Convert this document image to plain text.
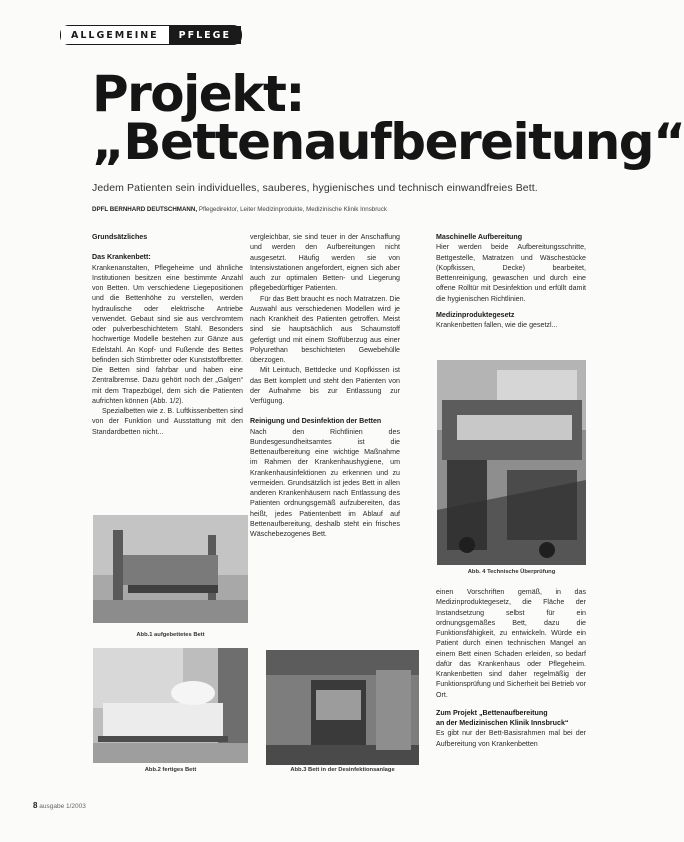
ALLGEMEINE	PFLEGE
Projekt:
„Bettenaufbereitung“
Jedem Patienten sein individuelles, sauberes, hygienisches und technisch einwandfreies Bett.
DPFL BERNHARD DEUTSCHMANN, Pflegedirektor, Leiter Medizinprodukte, Medizinische Klinik Innsbruck

Grundsätzliches

Das Krankenbett:

Krankenanstalten, Pflegeheime und ähnliche Institutionen besitzen eine bestimmte Anzahl von Betten. Um verschiedene Liegepositionen und die Bettenhöhe zu verstellen, werden hydraulische oder elektrische Antriebe verwendet. Gebaut sind sie aus verchromtem oder pulverbeschichtetem Stahl. Besonders hochwertige Modelle bestehen zur Gänze aus Edelstahl. An Kopf- und Fußende des Bettes befinden sich Stirnbretter oder Kunststoffbretter. Die Betten sind fahrbar und haben eine Zentralbremse. Dazu gehört noch der „Galgen“ mit dem Trapezbügel, dem sich die Patienten aufrichten können (Abb. 1/2).

Spezialbetten wie z. B. Luftkissenbetten sind von der Funktion und Ausstattung mit den Standardbetten nicht...

vergleichbar, sie sind teuer in der Anschaffung und werden den Aufbereitungen nicht ausgesetzt. Häufig werden sie von Intensivstationen angefordert, eignen sich aber auch zur optimalen Betten- und Liegerung pflegebedürftiger Patienten.

Für das Bett braucht es noch Matratzen. Die Auswahl aus verschiedenen Modellen wird je nach Krankheit des Patienten getroffen. Meist sind sie hauptsächlich aus Schaumstoff gefertigt und mit einem Stoffüberzug aus einer Polyurethan beschichteten Gewebehülle überzogen.

Mit Leintuch, Bettdecke und Kopfkissen ist das Bett komplett und steht den Patienten von der Aufnahme bis zur Entlassung zur Verfügung.

Reinigung und Desinfektion der Betten

Nach den Richtlinien des Bundesgesundheitsamtes ist die Bettenaufbereitung eine wichtige Maßnahme im Rahmen der Krankenhaushygiene, um Krankenhausinfektionen zu erkennen und zu vermeiden. Grundsätzlich ist jedes Bett in allen anderen Krankenhäusern nach Entlassung des Patienten ordnungsgemäß aufzubereiten, das heißt, jedes Patientenbett im Ablauf auf Bettenaufbereitung, deshalb steht ein frisches Wäschebezogenes Bett.

Maschinelle Aufbereitung

Hier werden beide Aufbereitungsschritte, Bettgestelle, Matratzen und Wäschestücke (Kopfkissen, Decke) bearbeitet, Bettenreinigung, gewaschen und durch eine offene Rolltür mit Desinfektion und erfüllt damit die hygienischen Richtlinien.

Medizinproduktegesetz

Krankenbetten fallen, wie die gesetzl...

Abb. 4 Technische Überprüfung

einen Vorschriften gemäß, in das Medizinproduktegesetz, die Fläche der Instandsetzung selbst für ein ordnungsgemäßes Bett, dazu die Funktionsfähigkeit, zu entwickeln. Würde ein Patient durch einen technischen Mangel an einem Bett einen Schaden erleiden, so bedarf dafür das Krankenhaus oder Pflegeheim. Krankenbetten sind daher regelmäßig der Funktionsprüfung und Sicherheit bei Betrieb vor Ort.

Zum Projekt „Bettenaufbereitung

an der Medizinischen Klinik Innsbruck“

Es gibt nur der Bett-Basisrahmen mal bei der Aufbereitung von Krankenbetten

Abb.1 aufgebettetes Bett
Abb.2 fertiges Bett	Abb.3 Bett in der Desinfektionsanlage
8 ausgabe 1/2003
